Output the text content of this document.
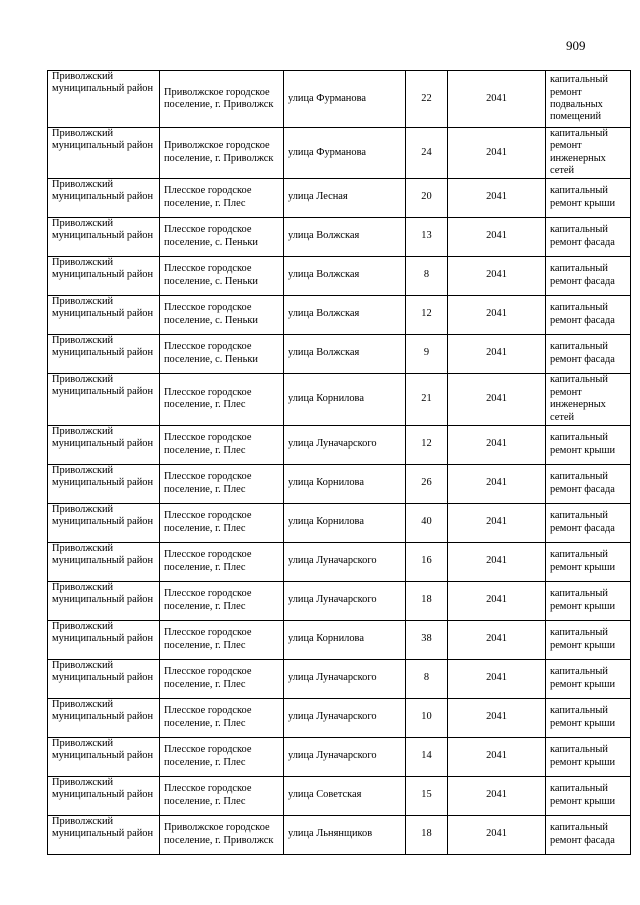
909
Приволжский муниципальный район	Приволжское городское поселение, г. Приволжск	улица Фурманова	22	2041	капитальный ремонт подвальных помещений
Приволжский муниципальный район	Приволжское городское поселение, г. Приволжск	улица Фурманова	24	2041	капитальный ремонт инженерных сетей
Приволжский муниципальный район	Плесское городское поселение, г. Плес	улица Лесная	20	2041	капитальный ремонт крыши
Приволжский муниципальный район	Плесское городское поселение, с. Пеньки	улица Волжская	13	2041	капитальный ремонт фасада
Приволжский муниципальный район	Плесское городское поселение, с. Пеньки	улица Волжская	8	2041	капитальный ремонт фасада
Приволжский муниципальный район	Плесское городское поселение, с. Пеньки	улица Волжская	12	2041	капитальный ремонт фасада
Приволжский муниципальный район	Плесское городское поселение, с. Пеньки	улица Волжская	9	2041	капитальный ремонт фасада
Приволжский муниципальный район	Плесское городское поселение, г. Плес	улица Корнилова	21	2041	капитальный ремонт инженерных сетей
Приволжский муниципальный район	Плесское городское поселение, г. Плес	улица Луначарского	12	2041	капитальный ремонт крыши
Приволжский муниципальный район	Плесское городское поселение, г. Плес	улица Корнилова	26	2041	капитальный ремонт фасада
Приволжский муниципальный район	Плесское городское поселение, г. Плес	улица Корнилова	40	2041	капитальный ремонт фасада
Приволжский муниципальный район	Плесское городское поселение, г. Плес	улица Луначарского	16	2041	капитальный ремонт крыши
Приволжский муниципальный район	Плесское городское поселение, г. Плес	улица Луначарского	18	2041	капитальный ремонт крыши
Приволжский муниципальный район	Плесское городское поселение, г. Плес	улица Корнилова	38	2041	капитальный ремонт крыши
Приволжский муниципальный район	Плесское городское поселение, г. Плес	улица Луначарского	8	2041	капитальный ремонт крыши
Приволжский муниципальный район	Плесское городское поселение, г. Плес	улица Луначарского	10	2041	капитальный ремонт крыши
Приволжский муниципальный район	Плесское городское поселение, г. Плес	улица Луначарского	14	2041	капитальный ремонт крыши
Приволжский муниципальный район	Плесское городское поселение, г. Плес	улица Советская	15	2041	капитальный ремонт крыши
Приволжский муниципальный район	Приволжское городское поселение, г. Приволжск	улица Льнянщиков	18	2041	капитальный ремонт фасада
